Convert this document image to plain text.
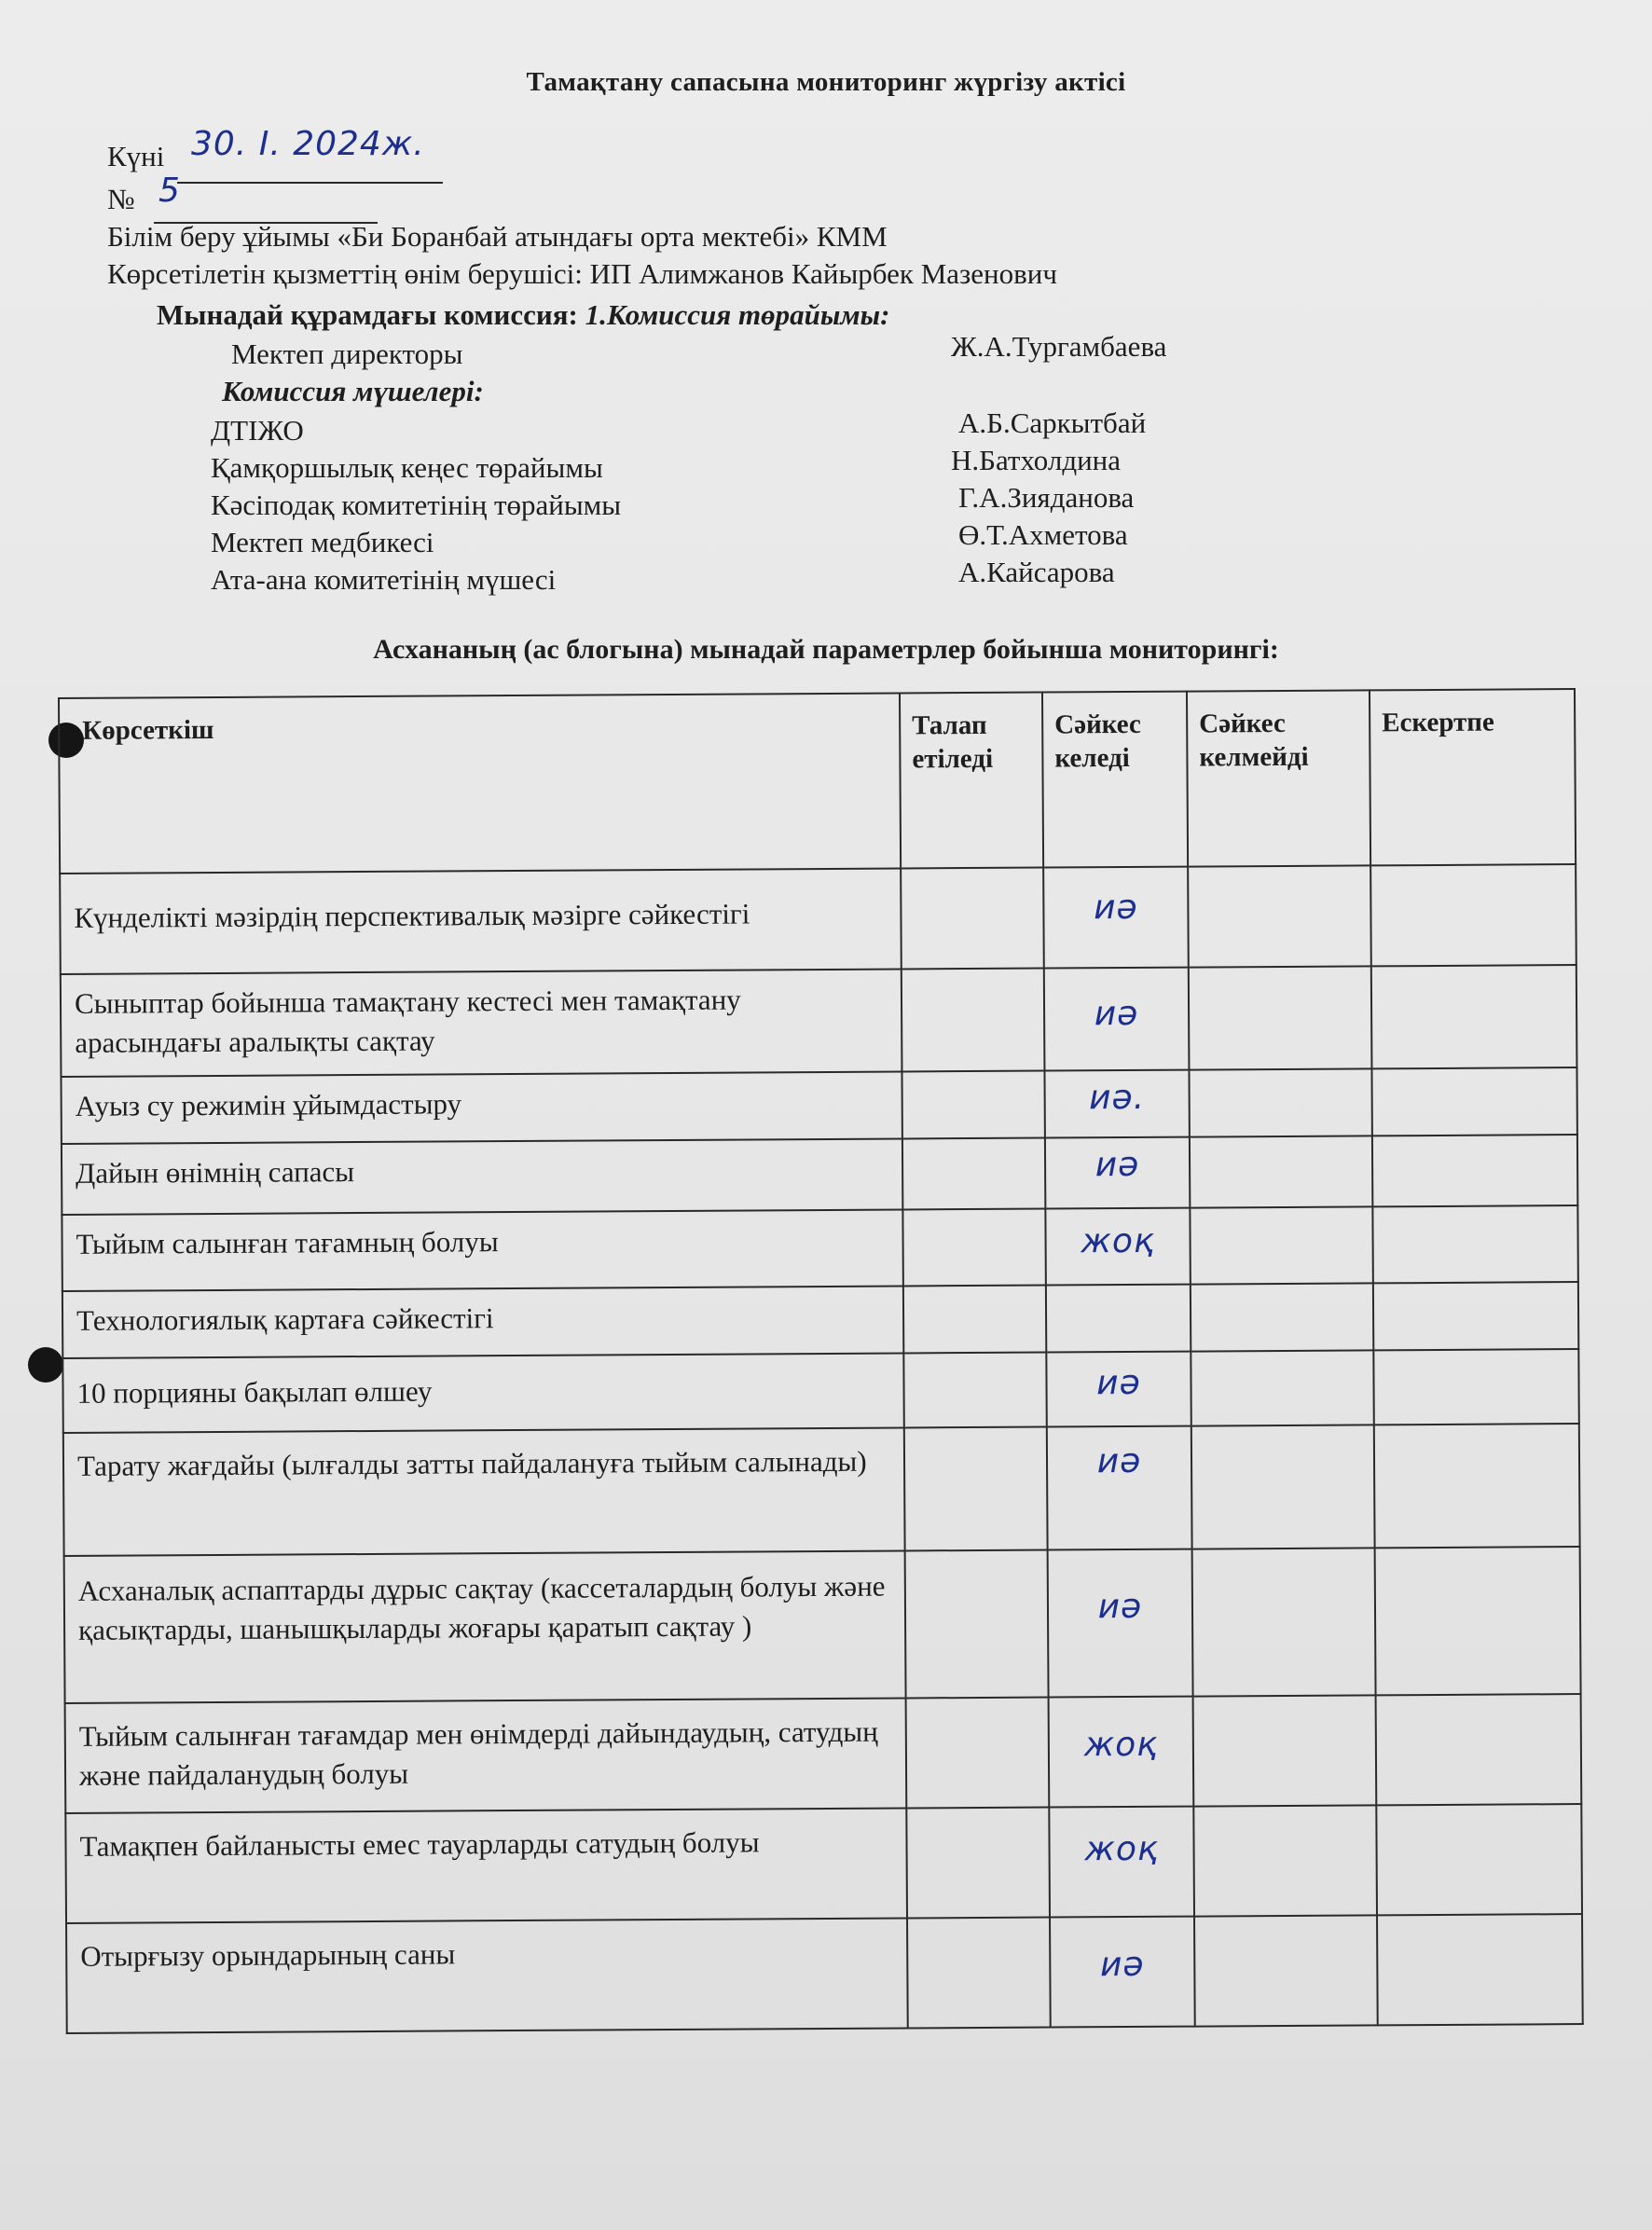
Тамақтану сапасына мониторинг жүргізу актісі
Күні 30. I. 2024ж.
№ 5
Білім беру ұйымы «Би Боранбай атындағы орта мектебі» КММ
Көрсетілетін қызметтің өнім берушісі: ИП Алимжанов Кайырбек Мазенович
Мынадай құрамдағы комиссия: 1.Комиссия төрайымы:
Мектеп директоры	Ж.А.Тургамбаева
Комиссия мүшелері:
ДТІЖО	А.Б.Саркытбай
Қамқоршылық кеңес төрайымы	Н.Батхолдина
Кәсіподақ комитетінің төрайымы	Г.А.Зияданова
Мектеп медбикесі	Ө.Т.Ахметова
Ата-ана комитетінің мүшесі	А.Кайсарова
Асхананың (ас блогына) мынадай параметрлер бойынша мониторингі:
Көрсеткіш	Талап етіледі	Сәйкес келеді	Сәйкес келмейді	Ескертпе
Күнделікті мәзірдің перспективалық мәзірге сәйкестігі		иә		
Сыныптар бойынша тамақтану кестесі мен тамақтану арасындағы аралықты сақтау		иә		
Ауыз су режимін ұйымдастыру		иә.		
Дайын өнімнің сапасы		иә		
Тыйым салынған тағамның болуы		жоқ		
Технологиялық картаға сәйкестігі				
10 порцияны бақылап өлшеу		иә		
Тарату жағдайы (ылғалды затты пайдалануға тыйым салынады)		иә		
Асханалық аспаптарды дұрыс сақтау (кассеталардың болуы және қасықтарды, шанышқыларды жоғары қаратып сақтау )		иә		
Тыйым салынған тағамдар мен өнімдерді дайындаудың, сатудың және пайдаланудың болуы		жоқ		
Тамақпен байланысты емес тауарларды сатудың болуы		жоқ		
Отырғызу орындарының саны		иә		
